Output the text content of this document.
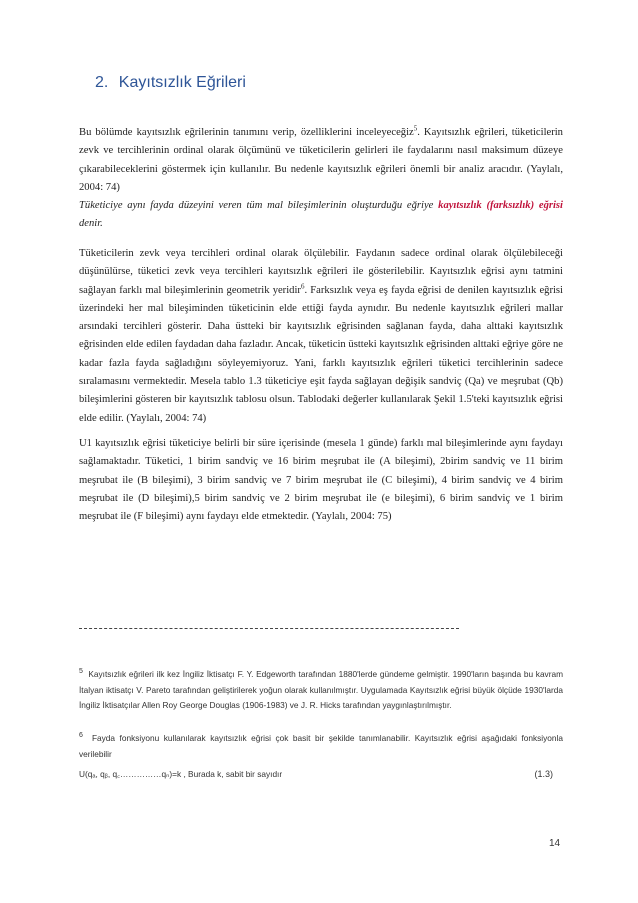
2. Kayıtsızlık Eğrileri

Bu bölümde kayıtsızlık eğrilerinin tanımını verip, özelliklerini inceleyeceğiz$^5$. Kayıtsızlık eğrileri, tüketicilerin zevk ve tercihlerinin ordinal olarak ölçümünü ve tüketicilerin gelirleri ile faydalarını nasıl maksimum düzeye çıkarabileceklerini göstermek için kullanılır. Bu nedenle kayıtsızlık eğrileri önemli bir analiz aracıdır. (Yaylalı, 2004: 74)

Tüketiciye aynı fayda düzeyini veren tüm mal bileşimlerinin oluşturduğu eğriye kayıtsızlık (farksızlık) eğrisi denir.

Tüketicilerin zevk veya tercihleri ordinal olarak ölçülebilir. Faydanın sadece ordinal olarak ölçülebileceği düşünülürse, tüketici zevk veya tercihleri kayıtsızlık eğrileri ile gösterilebilir. Kayıtsızlık eğrisi aynı tatmini sağlayan farklı mal bileşimlerinin geometrik yeridir$^6$. Farksızlık veya eş fayda eğrisi de denilen kayıtsızlık eğrisi üzerindeki her mal bileşiminden tüketicinin elde ettiği fayda aynıdır. Bu nedenle kayıtsızlık eğrileri mallar arsındaki tercihleri gösterir. Daha üstteki bir kayıtsızlık eğrisinden sağlanan fayda, daha alttaki kayıtsızlık eğrisinden elde edilen faydadan daha fazladır. Ancak, tüketicin üstteki kayıtsızlık eğrisinden alttaki eğriye göre ne kadar fazla fayda sağladığını söyleyemiyoruz. Yani, farklı kayıtsızlık eğrileri tüketici tercihlerinin sadece sıralamasını vermektedir. Mesela tablo 1.3 tüketiciye eşit fayda sağlayan değişik sandviç (Qa) ve meşrubat (Qb) bileşimlerini gösteren bir kayıtsızlık tablosu olsun. Tablodaki değerler kullanılarak Şekil 1.5'teki kayıtsızlık eğrisi elde edilir. (Yaylalı, 2004: 74)

U1 kayıtsızlık eğrisi tüketiciye belirli bir süre içerisinde (mesela 1 günde) farklı mal bileşimlerinde aynı faydayı sağlamaktadır. Tüketici, 1 birim sandviç ve 16 birim meşrubat ile (A bileşimi), 2birim sandviç ve 11 birim meşrubat ile (B bileşimi), 3 birim sandviç ve 7 birim meşrubat ile (C bileşimi), 4 birim sandviç ve 4 birim meşrubat ile (D bileşimi),5 birim sandviç ve 2 birim meşrubat ile (e bileşimi), 6 birim sandviç ve 1 birim meşrubat ile (F bileşimi) aynı faydayı elde etmektedir. (Yaylalı, 2004: 75)

$^5$ Kayıtsızlık eğrileri ilk kez İngiliz İktisatçı F. Y. Edgeworth tarafından 1880'lerde gündeme gelmiştir. 1990'ların başında bu kavram İtalyan iktisatçı V. Pareto tarafından geliştirilerek yoğun olarak kullanılmıştır. Uygulamada Kayıtsızlık eğrisi büyük ölçüde 1930'larda İngiliz İktisatçılar Allen Roy George Douglas (1906-1983) ve J. R. Hicks tarafından yaygınlaştırılmıştır.

$^6$ Fayda fonksiyonu kullanılarak kayıtsızlık eğrisi çok basit bir şekilde tanımlanabilir. Kayıtsızlık eğrisi aşağıdaki fonksiyonla verilebilir

U(qₐ, qᵦ, q꜀……………qₙ)=k , Burada k, sabit bir sayıdır	(1.3)
14
